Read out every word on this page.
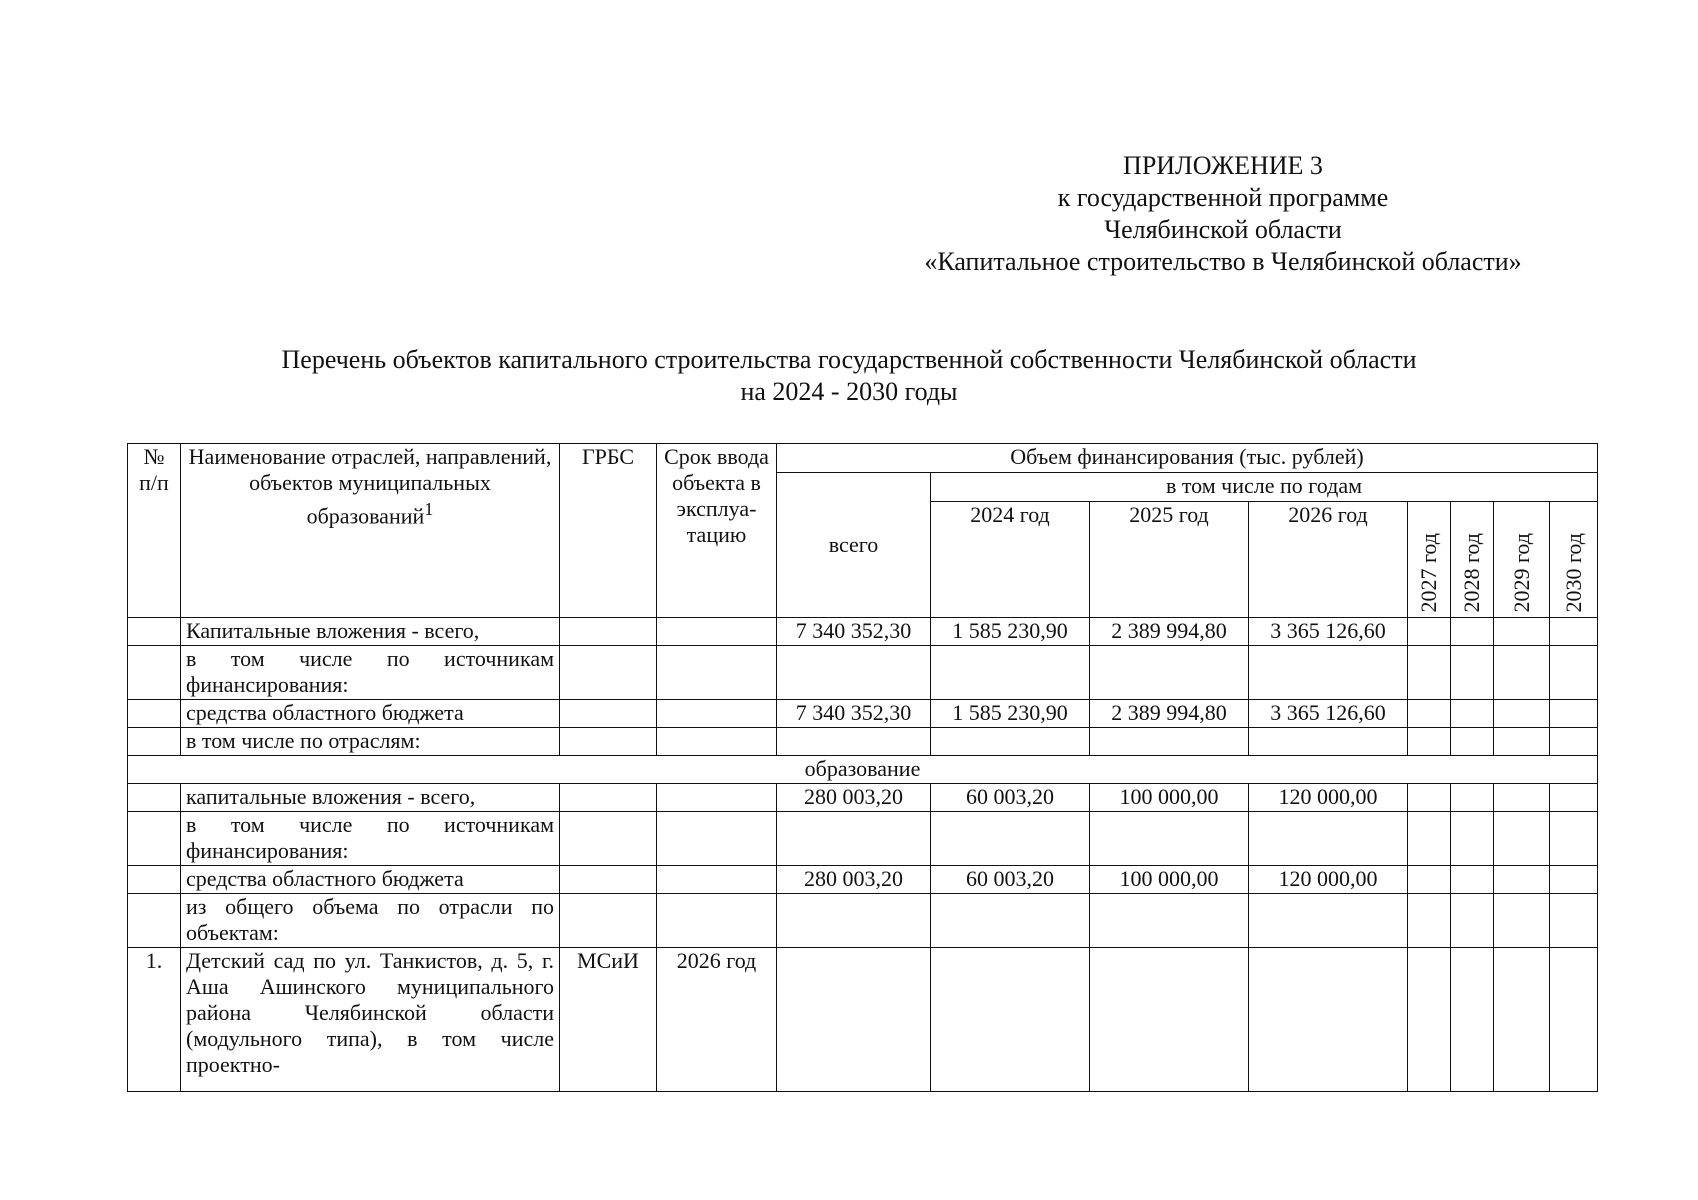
ПРИЛОЖЕНИЕ 3
к государственной программе
Челябинской области
«Капитальное строительство в Челябинской области»
Перечень объектов капитального строительства государственной собственности Челябинской области
на 2024 - 2030 годы
№ п/п	Наименование отраслей, направлений, объектов муниципальных образований$^1$	ГРБС	Срок ввода объекта в эксплуа-тацию	Объем финансирования (тыс. рублей)							
				всего	в том числе по годам						
					2024 год	2025 год	2026 год	2027 год	2028 год	2029 год	2030 год

	Капитальные вложения - всего,			7 340 352,30	1 585 230,90	2 389 994,80	3 365 126,60				
	в том числе по источникам финансирования:										
	средства областного бюджета			7 340 352,30	1 585 230,90	2 389 994,80	3 365 126,60				
	в том числе по отраслям:										
образование											
	капитальные вложения - всего,			280 003,20	60 003,20	100 000,00	120 000,00				
	в том числе по источникам финансирования:										
	средства областного бюджета			280 003,20	60 003,20	100 000,00	120 000,00				
	из общего объема по отрасли по объектам:										
1.	Детский сад по ул. Танкистов, д. 5, г. Аша Ашинского муниципального района Челябинской области (модульного типа), в том числе проектно-	МСиИ	2026 год								
